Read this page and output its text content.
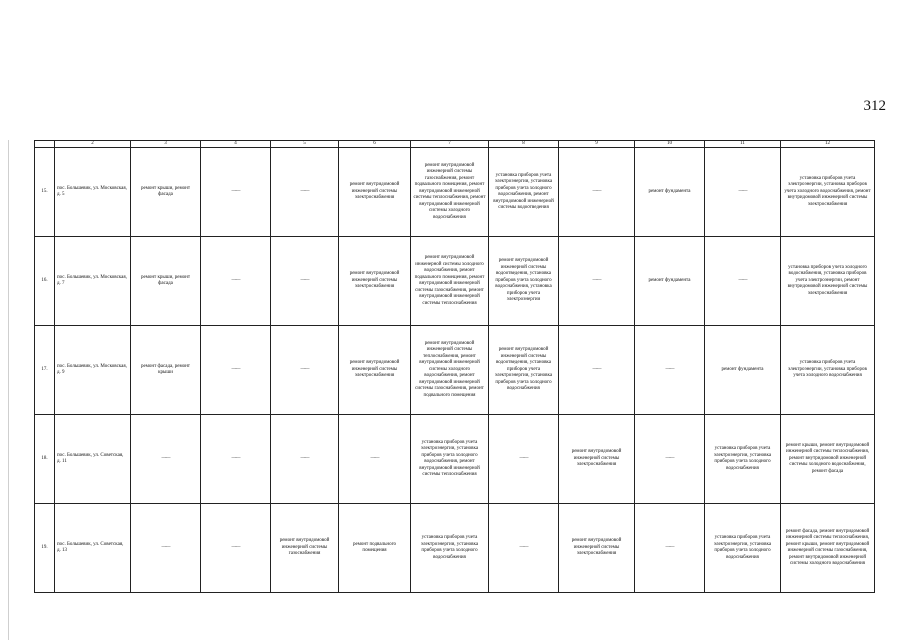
312
	2	3	4	5	6	7	8	9	10	11	12
15.	пос. Большевик, ул. Московская, д. 5	ремонт крыши, ремонт фасада	——	——	ремонт внутридомовой инженерной системы электроснабжения	ремонт внутридомовой инженерной системы газоснабжения, ремонт подвального помещения, ремонт внутридомовой инженерной системы теплоснабжения, ремонт внутридомовой инженерной системы холодного водоснабжения	установка приборов учета электроэнергии, установка приборов учета холодного водоснабжения, ремонт внутридомовой инженерной системы водоотведения	——	ремонт фундамента	——	установка приборов учета электроэнергии, установка приборов учета холодного водоснабжения, ремонт внутридомовой инженерной системы электроснабжения
16.	пос. Большевик, ул. Московская, д. 7	ремонт крыши, ремонт фасада	——	——	ремонт внутридомовой инженерной системы электроснабжения	ремонт внутридомовой инженерной системы холодного водоснабжения, ремонт подвального помещения, ремонт внутридомовой инженерной системы газоснабжения, ремонт внутридомовой инженерной системы теплоснабжения	ремонт внутридомовой инженерной системы водоотведения, установка приборов учета холодного водоснабжения, установка приборов учета электроэнергии	——	ремонт фундамента	——	установка приборов учета холодного водоснабжения, установка приборов учета электроэнергии, ремонт внутридомовой инженерной системы электроснабжения
17.	пос. Большевик, ул. Московская, д. 9	ремонт фасада, ремонт крыши	——	——	ремонт внутридомовой инженерной системы электроснабжения	ремонт внутридомовой инженерной системы теплоснабжения, ремонт внутридомовой инженерной системы холодного водоснабжения, ремонт внутридомовой инженерной системы газоснабжения, ремонт подвального помещения	ремонт внутридомовой инженерной системы водоотведения, установка приборов учета электроэнергии, установка приборов учета холодного водоснабжения	——	——	ремонт фундамента	установка приборов учета электроэнергии, установка приборов учета холодного водоснабжения
18.	пос. Большевик, ул. Советская, д. 11	——	——	——	——	установка приборов учета электроэнергии, установка приборов учета холодного водоснабжения, ремонт внутридомовой инженерной системы теплоснабжения	——	ремонт внутридомовой инженерной системы электроснабжения	——	установка приборов учета электроэнергии, установка приборов учета холодного водоснабжения	ремонт крыши, ремонт внутридомовой инженерной системы теплоснабжения, ремонт внутридомовой инженерной системы холодного водоснабжения, ремонт фасада
19.	пос. Большевик, ул. Советская, д. 13	——	——	ремонт внутридомовой инженерной системы газоснабжения	ремонт подвального помещения	установка приборов учета электроэнергии, установка приборов учета холодного водоснабжения	——	ремонт внутридомовой инженерной системы электроснабжения	——	установка приборов учета электроэнергии, установка приборов учета холодного водоснабжения	ремонт фасада, ремонт внутридомовой инженерной системы теплоснабжения, ремонт крыши, ремонт внутридомовой инженерной системы газоснабжения, ремонт внутридомовой инженерной системы холодного водоснабжения
